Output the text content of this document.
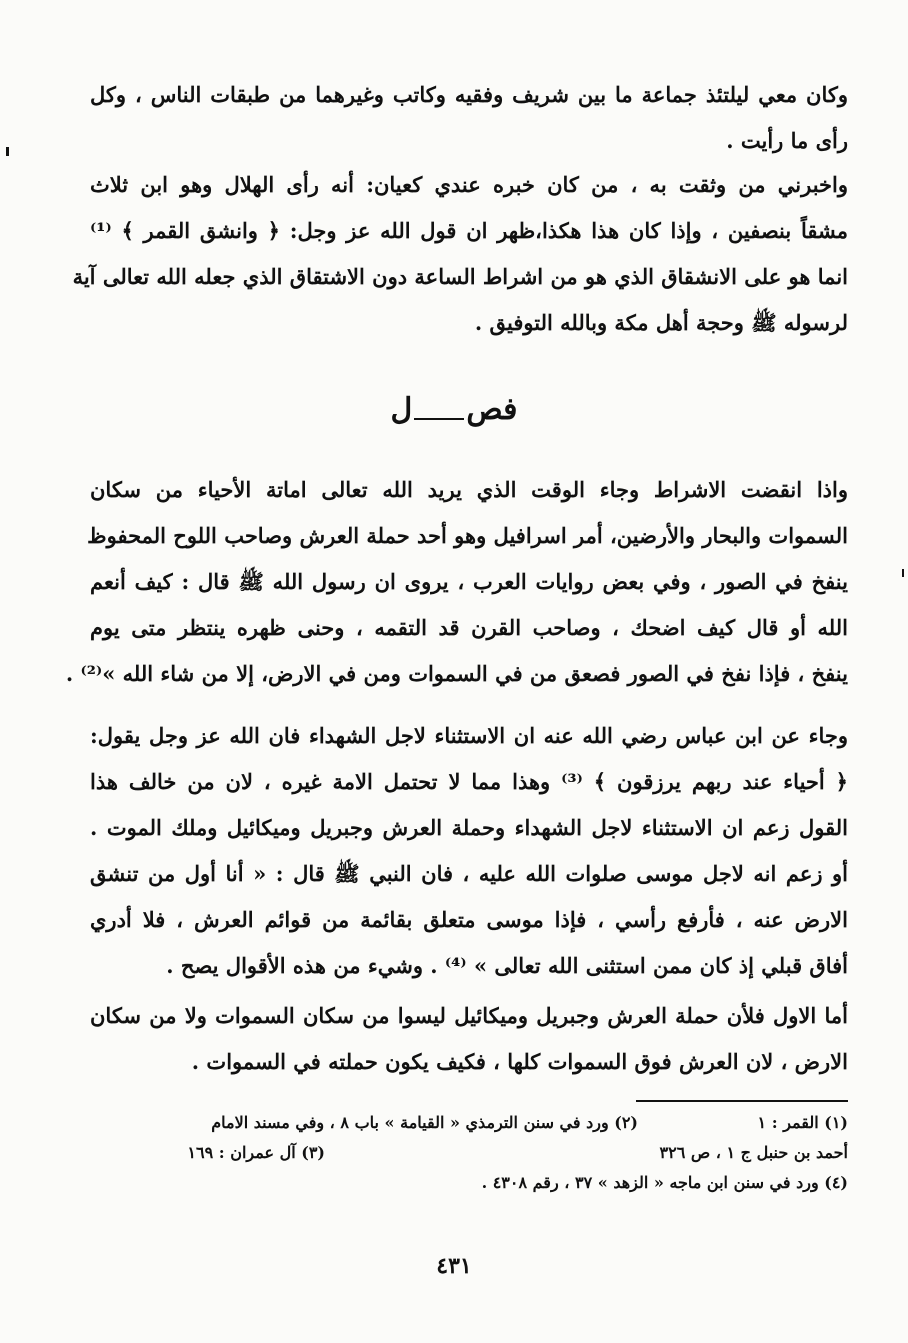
وكان معي ليلتئذ جماعة ما بين شريف وفقيه وكاتب وغيرهما من طبقات الناس ، وكل
رأى ما رأيت .
واخبرني من وثقت به ، من كان خبره عندي كعيان: أنه رأى الهلال وهو ابن ثلاث
مشقاً بنصفين ، وإذا كان هذا هكذا،ظهر ان قول الله عز وجل: ﴿ وانشق القمر ﴾ ⁽¹⁾
انما هو على الانشقاق الذي هو من اشراط الساعة دون الاشتقاق الذي جعله الله تعالى آية
لرسوله ﷺ وحجة أهل مكة وبالله التوفيق .
فصل
واذا انقضت الاشراط وجاء الوقت الذي يريد الله تعالى اماتة الأحياء من سكان
السموات والبحار والأرضين، أمر اسرافيل وهو أحد حملة العرش وصاحب اللوح المحفوظ
ينفخ في الصور ، وفي بعض روايات العرب ، يروى ان رسول الله ﷺ قال : كيف أنعم
الله أو قال كيف اضحك ، وصاحب القرن قد التقمه ، وحنى ظهره ينتظر متى يوم
ينفخ ، فإذا نفخ في الصور فصعق من في السموات ومن في الارض، إلا من شاء الله »⁽²⁾ .
وجاء عن ابن عباس رضي الله عنه ان الاستثناء لاجل الشهداء فان الله عز وجل يقول:
﴿ أحياء عند ربهم يرزقون ﴾ ⁽³⁾ وهذا مما لا تحتمل الامة غيره ، لان من خالف هذا
القول زعم ان الاستثناء لاجل الشهداء وحملة العرش وجبريل وميكائيل وملك الموت .
أو زعم انه لاجل موسى صلوات الله عليه ، فان النبي ﷺ قال : « أنا أول من تنشق
الارض عنه ، فأرفع رأسي ، فإذا موسى متعلق بقائمة من قوائم العرش ، فلا أدري
أفاق قبلي إذ كان ممن استثنى الله تعالى » ⁽⁴⁾ . وشيء من هذه الأقوال يصح .
أما الاول فلأن حملة العرش وجبريل وميكائيل ليسوا من سكان السموات ولا من سكان
الارض ، لان العرش فوق السموات كلها ، فكيف يكون حملته في السموات .
(١) القمر : ١
(٢) ورد في سنن الترمذي « القيامة » باب ٨ ، وفي مسند الامام
أحمد بن حنبل ج ١ ، ص ٣٢٦
(٣) آل عمران : ١٦٩
(٤) ورد في سنن ابن ماجه « الزهد » ٣٧ ، رقم ٤٣٠٨ .
٤٣١
